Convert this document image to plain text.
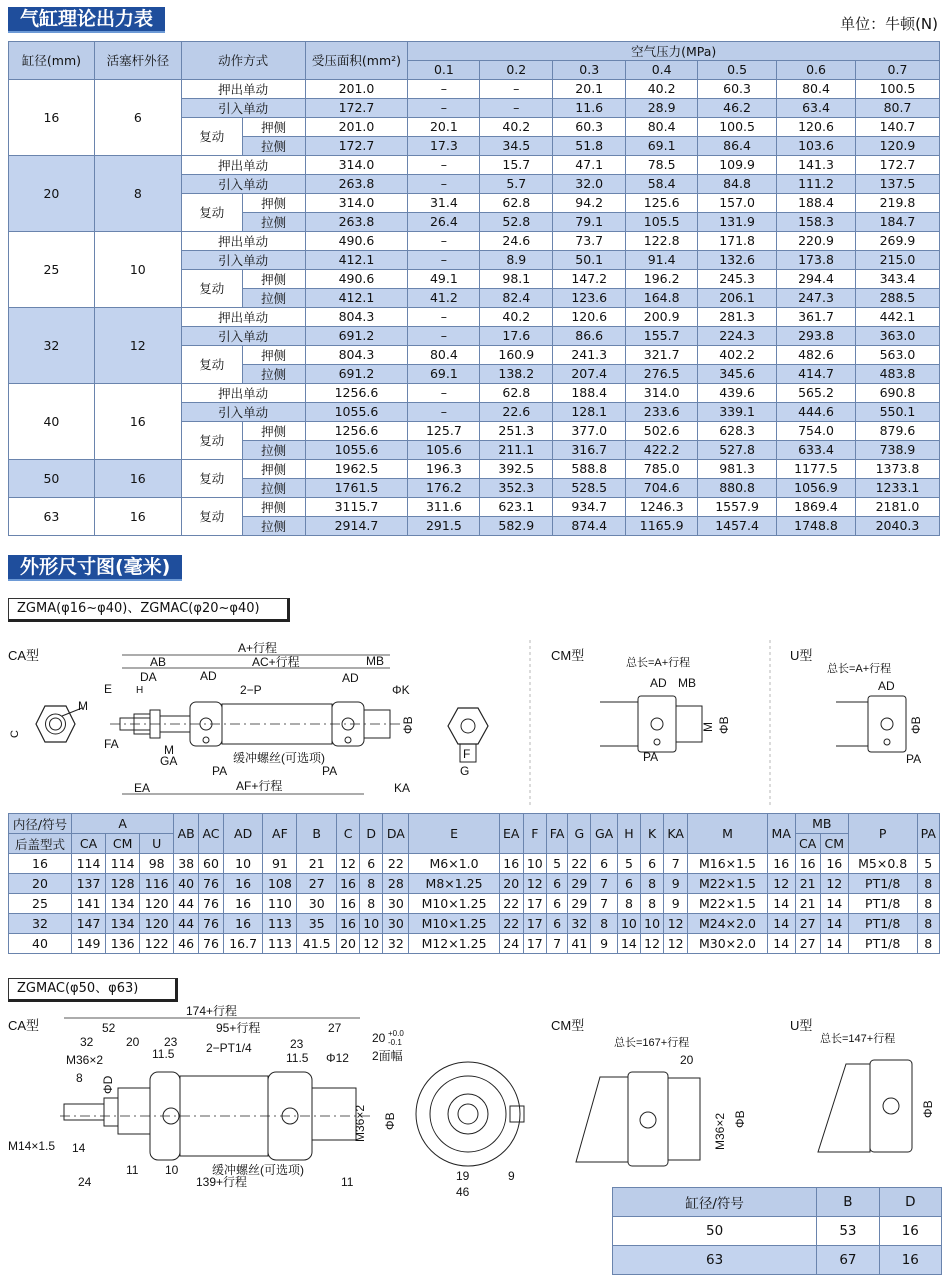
气缸理论出力表	单位：牛顿(N)
缸径(mm)	活塞杆外径	动作方式		受压面积(mm²)	空气压力(MPa)						
					0.1	0.2	0.3	0.4	0.5	0.6	0.7
16	6	押出单动		201.0	–	–	20.1	40.2	60.3	80.4	100.5
		引入单动		172.7	–	–	11.6	28.9	46.2	63.4	80.7
		复动	押侧	201.0	20.1	40.2	60.3	80.4	100.5	120.6	140.7
			拉侧	172.7	17.3	34.5	51.8	69.1	86.4	103.6	120.9
20	8	押出单动		314.0	–	15.7	47.1	78.5	109.9	141.3	172.7
		引入单动		263.8	–	5.7	32.0	58.4	84.8	111.2	137.5
		复动	押侧	314.0	31.4	62.8	94.2	125.6	157.0	188.4	219.8
			拉侧	263.8	26.4	52.8	79.1	105.5	131.9	158.3	184.7
25	10	押出单动		490.6	–	24.6	73.7	122.8	171.8	220.9	269.9
		引入单动		412.1	–	8.9	50.1	91.4	132.6	173.8	215.0
		复动	押侧	490.6	49.1	98.1	147.2	196.2	245.3	294.4	343.4
			拉侧	412.1	41.2	82.4	123.6	164.8	206.1	247.3	288.5
32	12	押出单动		804.3	–	40.2	120.6	200.9	281.3	361.7	442.1
		引入单动		691.2	–	17.6	86.6	155.7	224.3	293.8	363.0
		复动	押侧	804.3	80.4	160.9	241.3	321.7	402.2	482.6	563.0
			拉侧	691.2	69.1	138.2	207.4	276.5	345.6	414.7	483.8
40	16	押出单动		1256.6	–	62.8	188.4	314.0	439.6	565.2	690.8
		引入单动		1055.6	–	22.6	128.1	233.6	339.1	444.6	550.1
		复动	押侧	1256.6	125.7	251.3	377.0	502.6	628.3	754.0	879.6
			拉侧	1055.6	105.6	211.1	316.7	422.2	527.8	633.4	738.9
50	16	复动	押侧	1962.5	196.3	392.5	588.8	785.0	981.3	1177.5	1373.8
			拉侧	1761.5	176.2	352.3	528.5	704.6	880.8	1056.9	1233.1
63	16	复动	押侧	3115.7	311.6	623.1	934.7	1246.3	1557.9	1869.4	2181.0
			拉侧	2914.7	291.5	582.9	874.4	1165.9	1457.4	1748.8	2040.3
外形尺寸图(毫米)
ZGMA(φ16~φ40)、ZGMAC(φ20~φ40)
CA型
M
C
A+行程
AB	AC+行程	MB
DA	AD	AD
E H	2−P	ΦK
ΦB
FA	M
GA	缓冲螺丝(可选项)
PA	PA
EA	AF+行程	KA
F
G
CM型	总长=A+行程
AD MB
M ΦB
PA
U型
总长=A+行程
AD
ΦB
PA
内径/符号	A			AB	AC	AD	AF	B	C	D	DA	E	EA	F	FA	G	GA	H	K	KA	M	MA	MB		P	PA
后盖型式	CA	CM	U																				CA	CM		
16	114	114	98	38	60	10	91	21	12	6	22	M6×1.0	16	10	5	22	6	5	6	7	M16×1.5	16	16	16	M5×0.8	5
20	137	128	116	40	76	16	108	27	16	8	28	M8×1.25	20	12	6	29	7	6	8	9	M22×1.5	12	21	12	PT1/8	8
25	141	134	120	44	76	16	110	30	16	8	30	M10×1.25	22	17	6	29	7	8	8	9	M22×1.5	14	21	14	PT1/8	8
32	147	134	120	44	76	16	113	35	16	10	30	M10×1.25	22	17	6	32	8	10	10	12	M24×2.0	14	27	14	PT1/8	8
40	149	136	122	46	76	16.7	113	41.5	20	12	32	M12×1.25	24	17	7	41	9	14	12	12	M30×2.0	14	27	14	PT1/8	8
ZGMAC(φ50、φ63)
CA型
174+行程
52	95+行程	27
32	20 23
11.5	2−PT1/4	23
11.5 Φ12
20 +0.0
-0.1
2面幅
M36×2
ΦD
8
M36×2 ΦB
M14×1.5 14
11 10	缓冲螺丝(可选项)
24	139+行程	11	19	9
46
CM型
总长=167+行程
20
M36×2 ΦB
U型
总长=147+行程
ΦB
缸径/符号	B	D
50	53	16
63	67	16
